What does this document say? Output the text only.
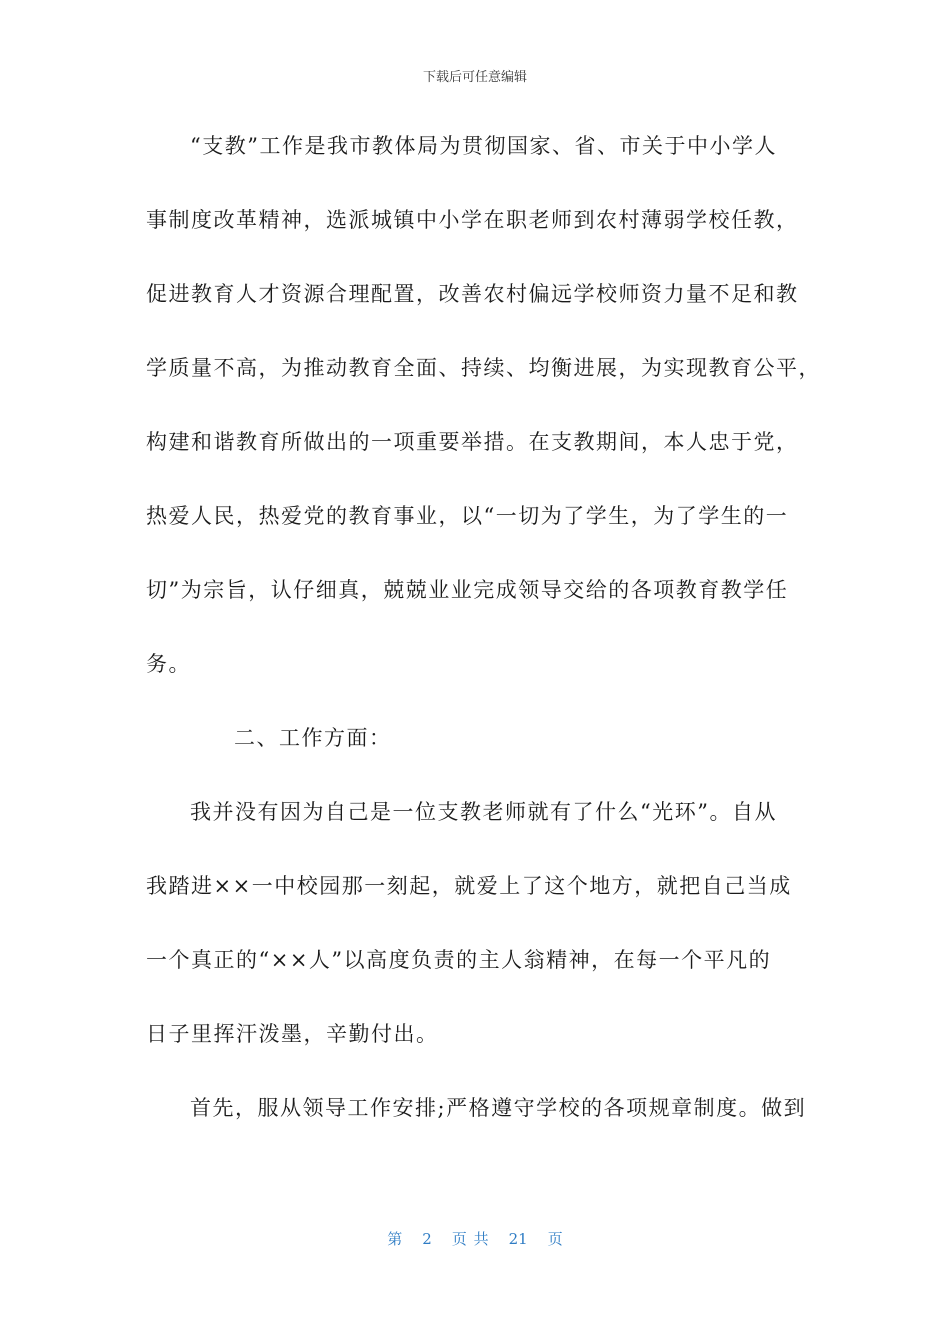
下载后可任意编辑
“支教”工作是我市教体局为贯彻国家、省、市关于中小学人
事制度改革精神，选派城镇中小学在职老师到农村薄弱学校任教，
促进教育人才资源合理配置，改善农村偏远学校师资力量不足和教
学质量不高，为推动教育全面、持续、均衡进展，为实现教育公平，
构建和谐教育所做出的一项重要举措。在支教期间，本人忠于党，
热爱人民，热爱党的教育事业，以“一切为了学生，为了学生的一
切”为宗旨，认仔细真，兢兢业业完成领导交给的各项教育教学任
务。
二、工作方面：
我并没有因为自己是一位支教老师就有了什么“光环”。自从
我踏进××一中校园那一刻起，就爱上了这个地方，就把自己当成
一个真正的“××人”以高度负责的主人翁精神，在每一个平凡的
日子里挥汗泼墨，辛勤付出。
首先，服从领导工作安排;严格遵守学校的各项规章制度。做到
第 2 页 共 21 页
